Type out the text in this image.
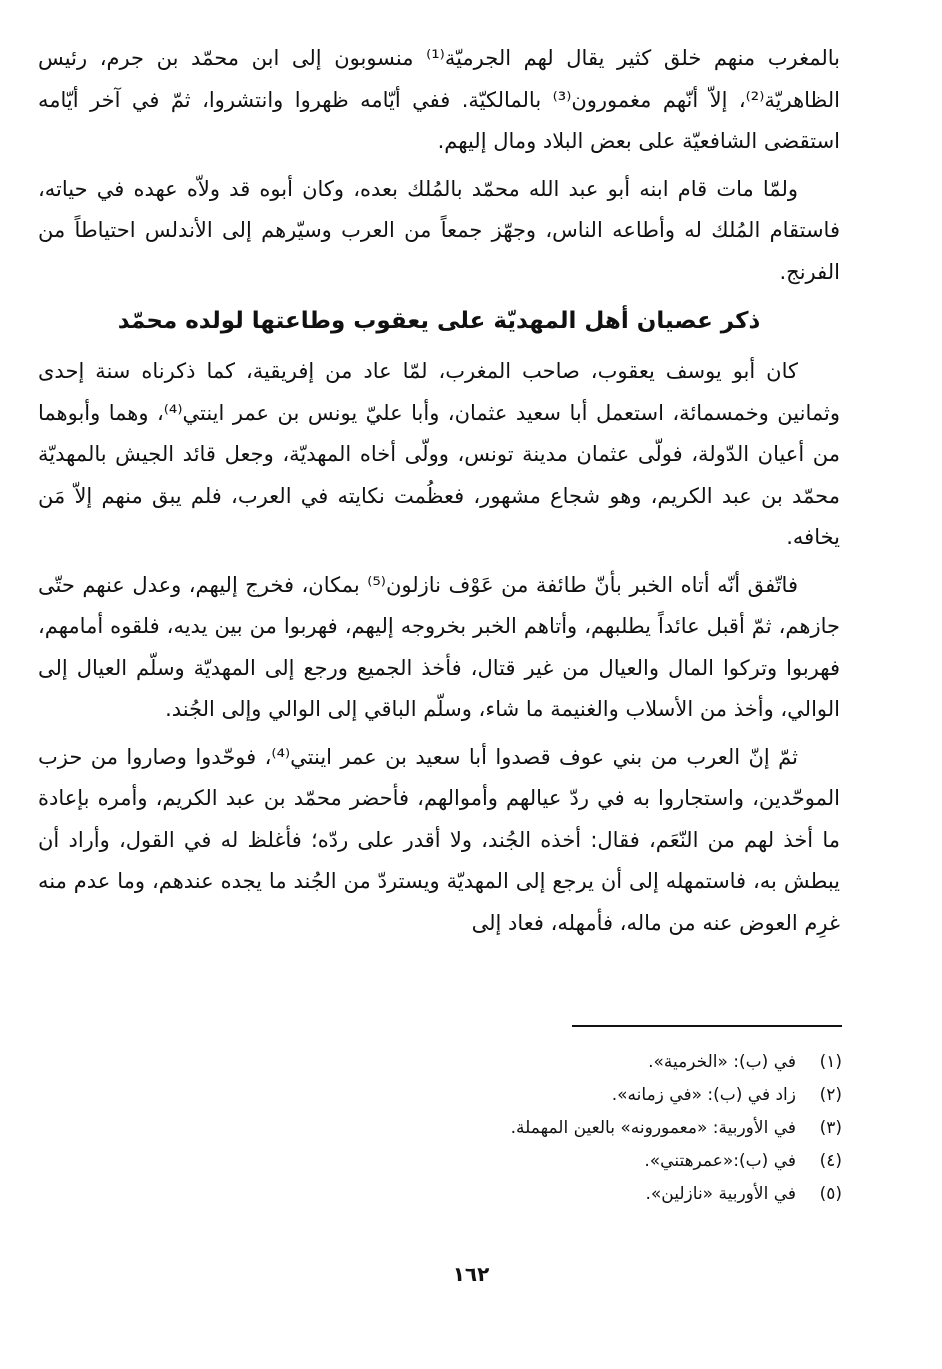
بالمغرب منهم خلق كثير يقال لهم الجرميّة⁽¹⁾ منسوبون إلى ابن محمّد بن جرم، رئيس الظاهريّة⁽²⁾، إلاّ أنّهم مغمورون⁽³⁾ بالمالكيّة. ففي أيّامه ظهروا وانتشروا، ثمّ في آخر أيّامه استقضى الشافعيّة على بعض البلاد ومال إليهم.

ولمّا مات قام ابنه أبو عبد الله محمّد بالمُلك بعده، وكان أبوه قد ولاّه عهده في حياته، فاستقام المُلك له وأطاعه الناس، وجهّز جمعاً من العرب وسيّرهم إلى الأندلس احتياطاً من الفرنج.

ذكر عصيان أهل المهديّة على يعقوب وطاعتها لولده محمّد

كان أبو يوسف يعقوب، صاحب المغرب، لمّا عاد من إفريقية، كما ذكرناه سنة إحدى وثمانين وخمسمائة، استعمل أبا سعيد عثمان، وأبا عليّ يونس بن عمر اينتي⁽⁴⁾، وهما وأبوهما من أعيان الدّولة، فولّى عثمان مدينة تونس، وولّى أخاه المهديّة، وجعل قائد الجيش بالمهديّة محمّد بن عبد الكريم، وهو شجاع مشهور، فعظُمت نكايته في العرب، فلم يبق منهم إلاّ مَن يخافه.

فاتّفق أنّه أتاه الخبر بأنّ طائفة من عَوْف نازلون⁽⁵⁾ بمكان، فخرج إليهم، وعدل عنهم حتّى جازهم، ثمّ أقبل عائداً يطلبهم، وأتاهم الخبر بخروجه إليهم، فهربوا من بين يديه، فلقوه أمامهم، فهربوا وتركوا المال والعيال من غير قتال، فأخذ الجميع ورجع إلى المهديّة وسلّم العيال إلى الوالي، وأخذ من الأسلاب والغنيمة ما شاء، وسلّم الباقي إلى الوالي وإلى الجُند.

ثمّ إنّ العرب من بني عوف قصدوا أبا سعيد بن عمر اينتي⁽⁴⁾، فوحّدوا وصاروا من حزب الموحّدين، واستجاروا به في ردّ عيالهم وأموالهم، فأحضر محمّد بن عبد الكريم، وأمره بإعادة ما أخذ لهم من النّعَم، فقال: أخذه الجُند، ولا أقدر على ردّه؛ فأغلظ له في القول، وأراد أن يبطش به، فاستمهله إلى أن يرجع إلى المهديّة ويستردّ من الجُند ما يجده عندهم، وما عدم منه غرِم العوض عنه من ماله، فأمهله، فعاد إلى

(١)
في (ب): «الخرمية».
(٢)
زاد في (ب): «في زمانه».
(٣)
في الأوربية: «معمورونه» بالعين المهملة.
(٤)
في (ب):«عمرهتني».
(٥)
في الأوربية «نازلين».
١٦٢
